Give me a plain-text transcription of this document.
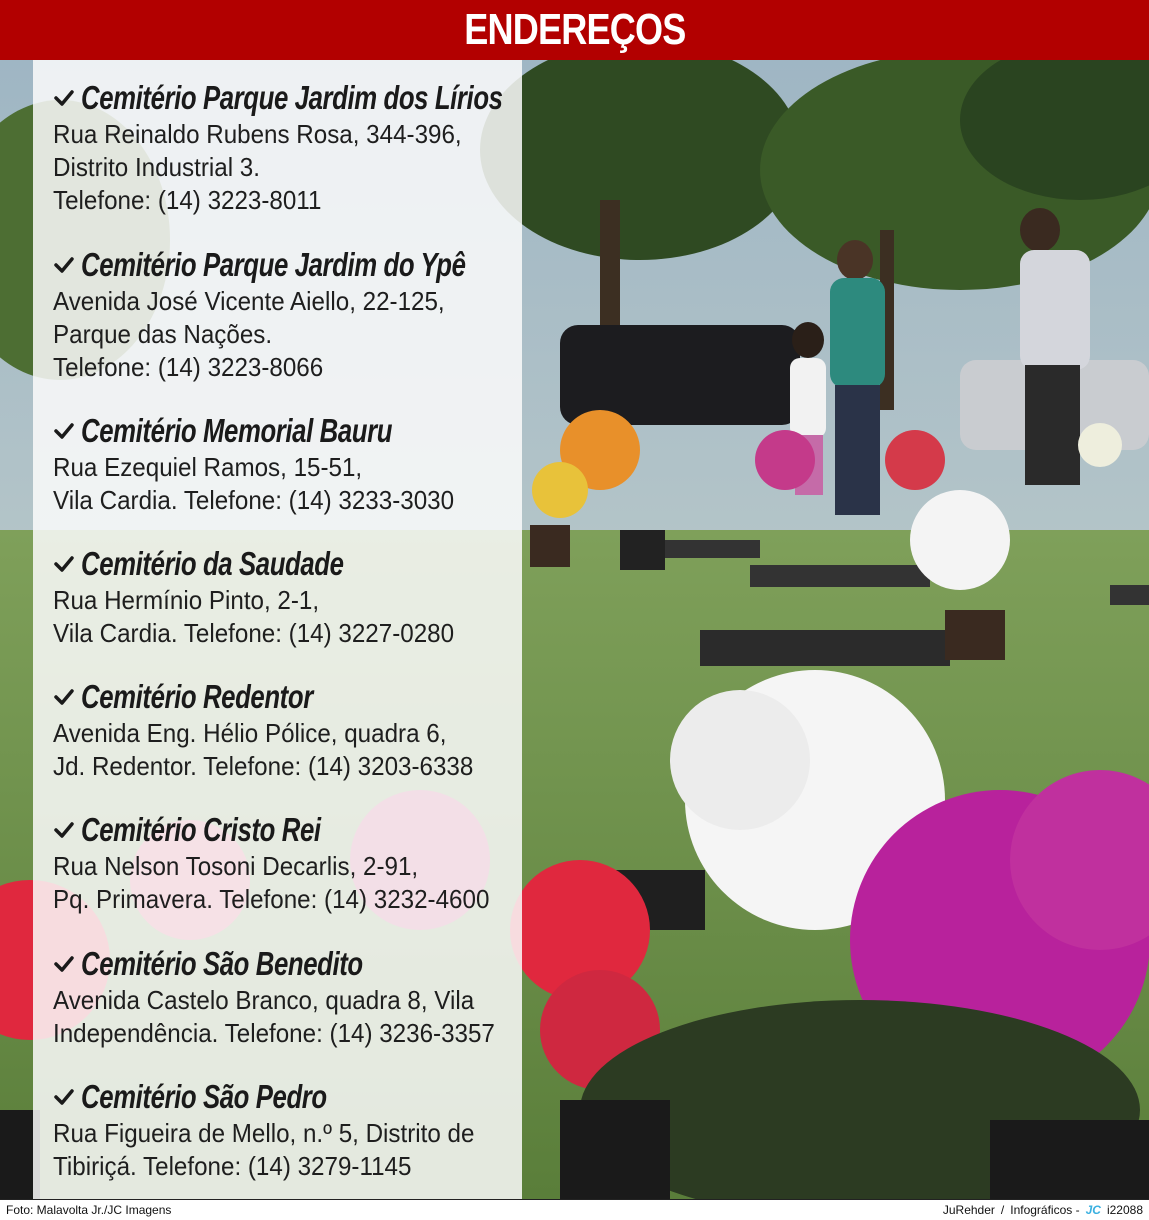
ENDEREÇOS
Cemitério Parque Jardim dos Lírios
Rua Reinaldo Rubens Rosa, 344-396,
Distrito Industrial 3.
Telefone: (14) 3223-8011
Cemitério Parque Jardim do Ypê
Avenida José Vicente Aiello, 22-125,
Parque das Nações.
Telefone: (14) 3223-8066
Cemitério Memorial Bauru
Rua Ezequiel Ramos, 15-51,
Vila Cardia. Telefone: (14) 3233-3030
Cemitério da Saudade
Rua Hermínio Pinto, 2-1,
Vila Cardia. Telefone: (14) 3227-0280
Cemitério Redentor
Avenida Eng. Hélio Pólice, quadra 6,
Jd. Redentor. Telefone: (14) 3203-6338
Cemitério Cristo Rei
Rua Nelson Tosoni Decarlis, 2-91,
Pq. Primavera. Telefone: (14) 3232-4600
Cemitério São Benedito
Avenida Castelo Branco, quadra 8, Vila
Independência. Telefone: (14) 3236-3357
Cemitério São Pedro
Rua Figueira de Mello, n.º 5, Distrito de
Tibiriçá. Telefone: (14) 3279-1145
Foto: Malavolta Jr./JC Imagens	JuRehder / Infográficos - JC i22088
